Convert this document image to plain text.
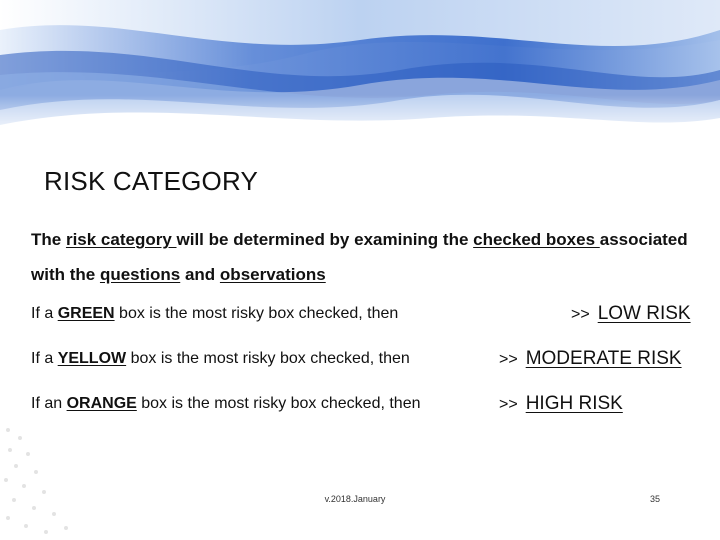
RISK CATEGORY
The risk category will be determined by examining the checked boxes associated with the questions and observations
If a GREEN box is the most risky box checked, then	>> LOW RISK
If a YELLOW box is the most risky box checked, then	>> MODERATE RISK
If an ORANGE box is the most risky box checked, then	>> HIGH RISK
v.2018.January	35
